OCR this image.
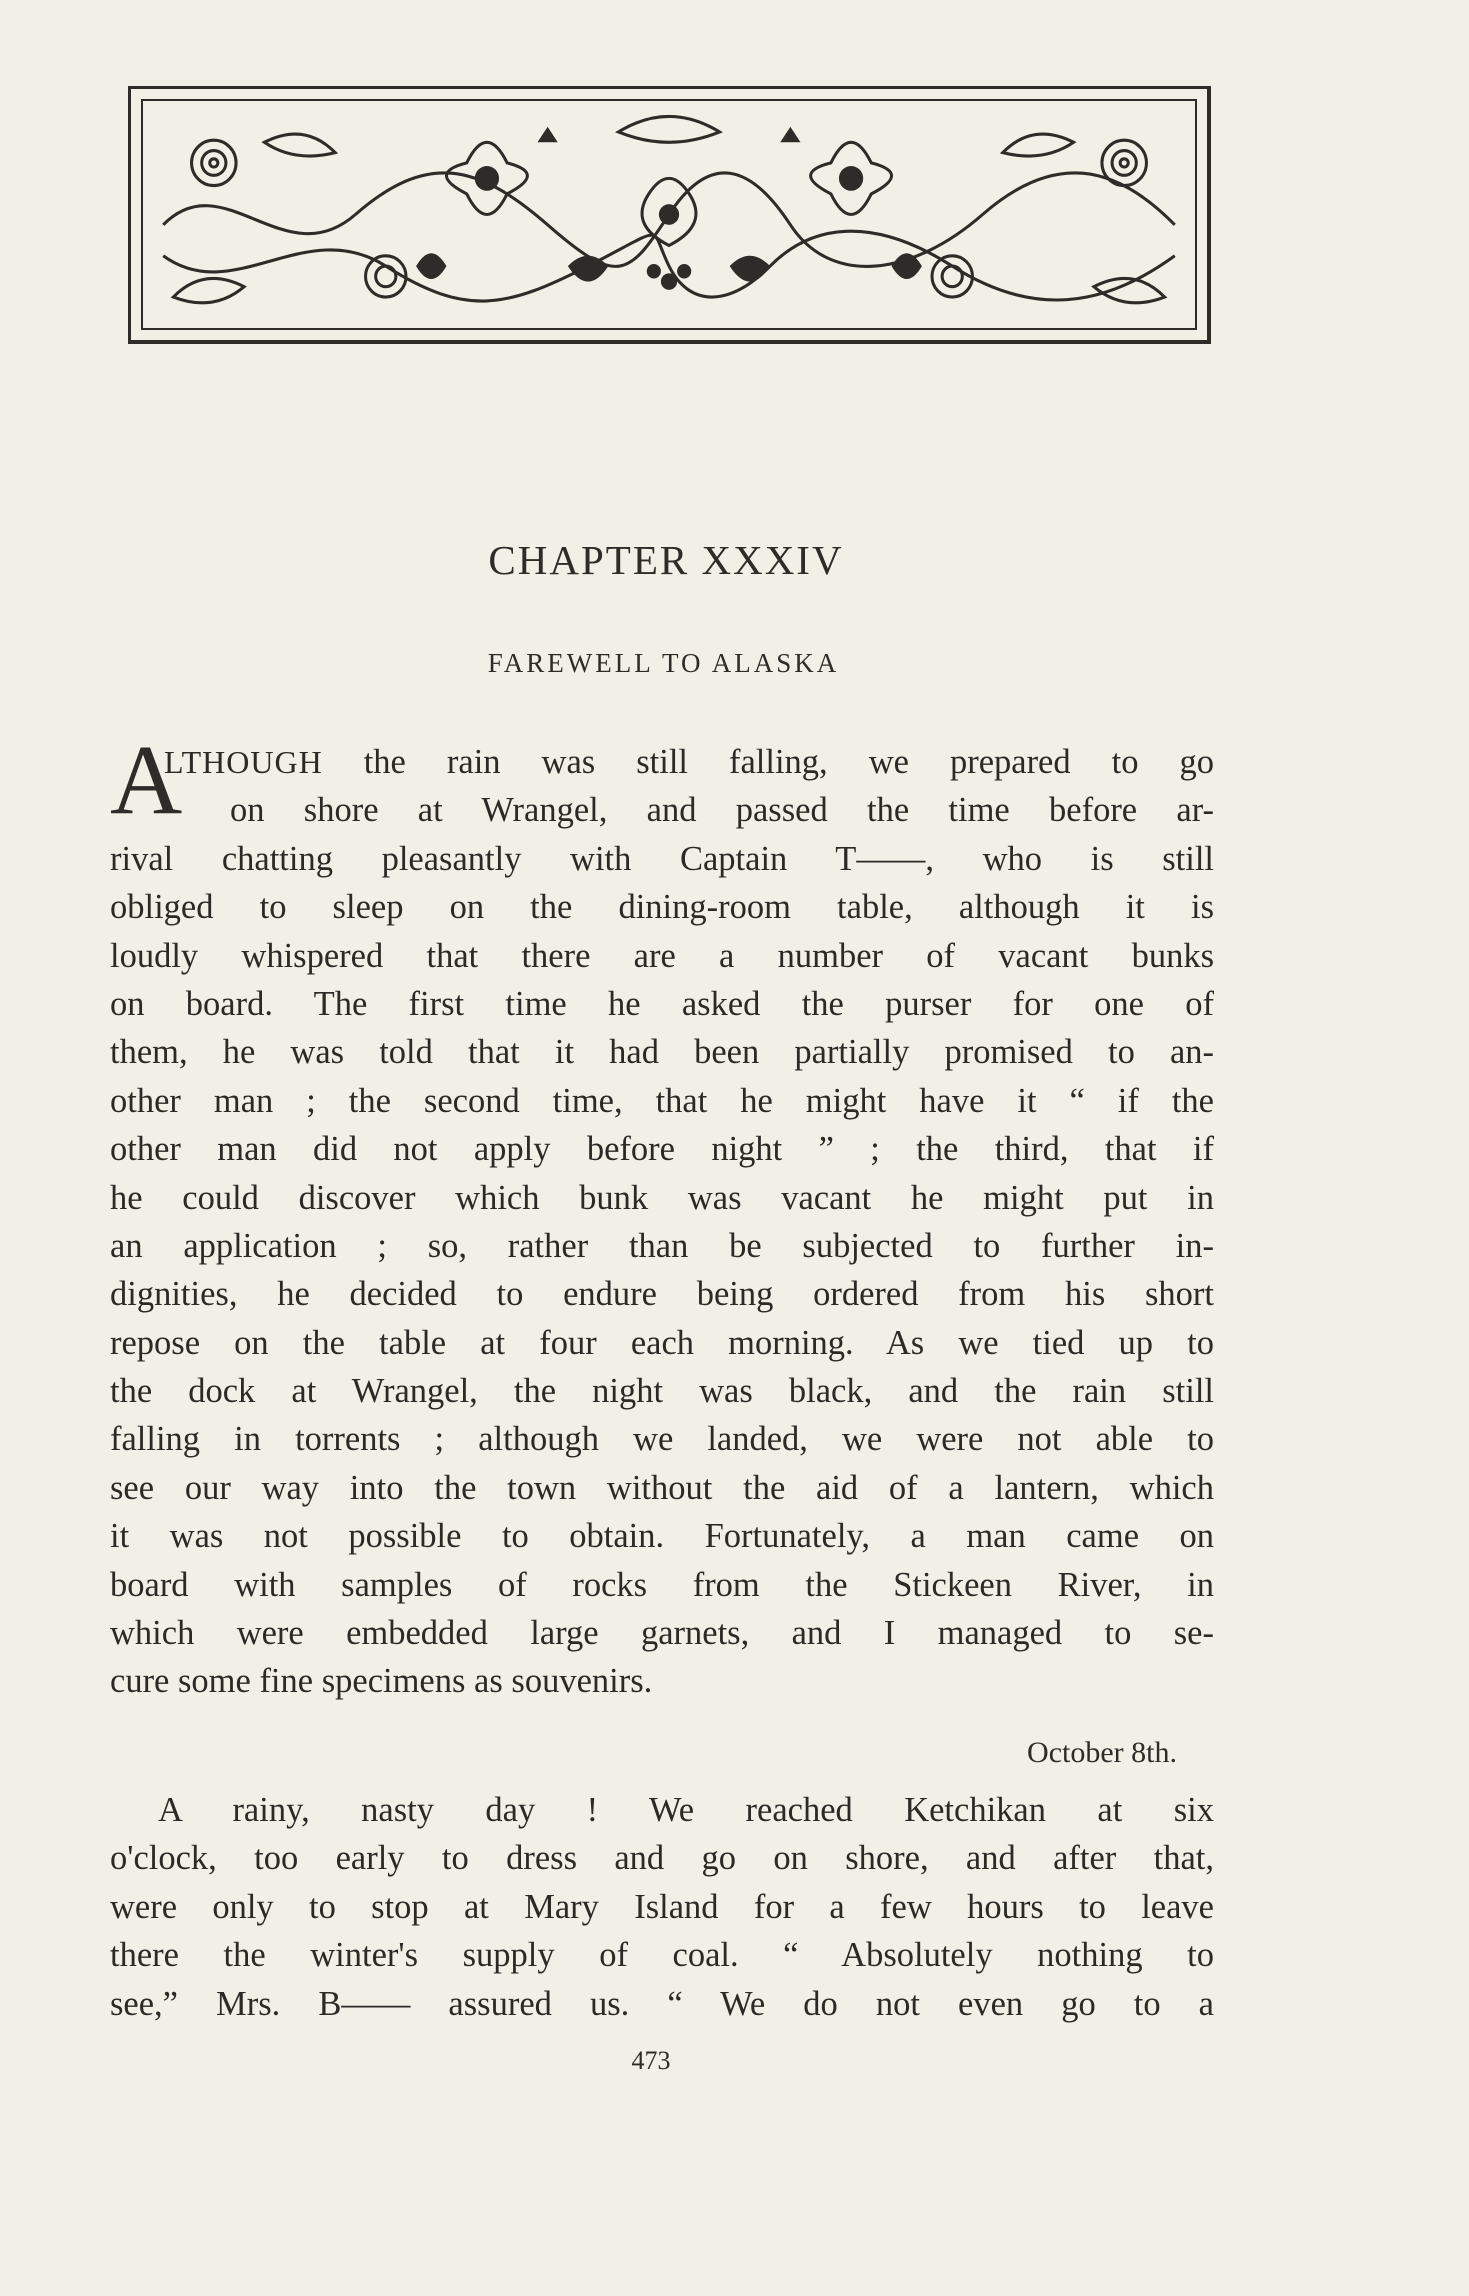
CHAPTER XXXIV
FAREWELL TO ALASKA
A
LTHOUGH the rain was still falling, we prepared to go
on shore at Wrangel, and passed the time before ar-
rival chatting pleasantly with Captain T——, who is still
obliged to sleep on the dining-room table, although it is
loudly whispered that there are a number of vacant bunks
on board. The first time he asked the purser for one of
them, he was told that it had been partially promised to an-
other man ; the second time, that he might have it “ if the
other man did not apply before night ” ; the third, that if
he could discover which bunk was vacant he might put in
an application ; so, rather than be subjected to further in-
dignities, he decided to endure being ordered from his short
repose on the table at four each morning. As we tied up to
the dock at Wrangel, the night was black, and the rain still
falling in torrents ; although we landed, we were not able to
see our way into the town without the aid of a lantern, which
it was not possible to obtain. Fortunately, a man came on
board with samples of rocks from the Stickeen River, in
which were embedded large garnets, and I managed to se-
cure some fine specimens as souvenirs.
October 8th.
A rainy, nasty day ! We reached Ketchikan at six
o'clock, too early to dress and go on shore, and after that,
were only to stop at Mary Island for a few hours to leave
there the winter's supply of coal. “ Absolutely nothing to
see,” Mrs. B—— assured us. “ We do not even go to a
473
